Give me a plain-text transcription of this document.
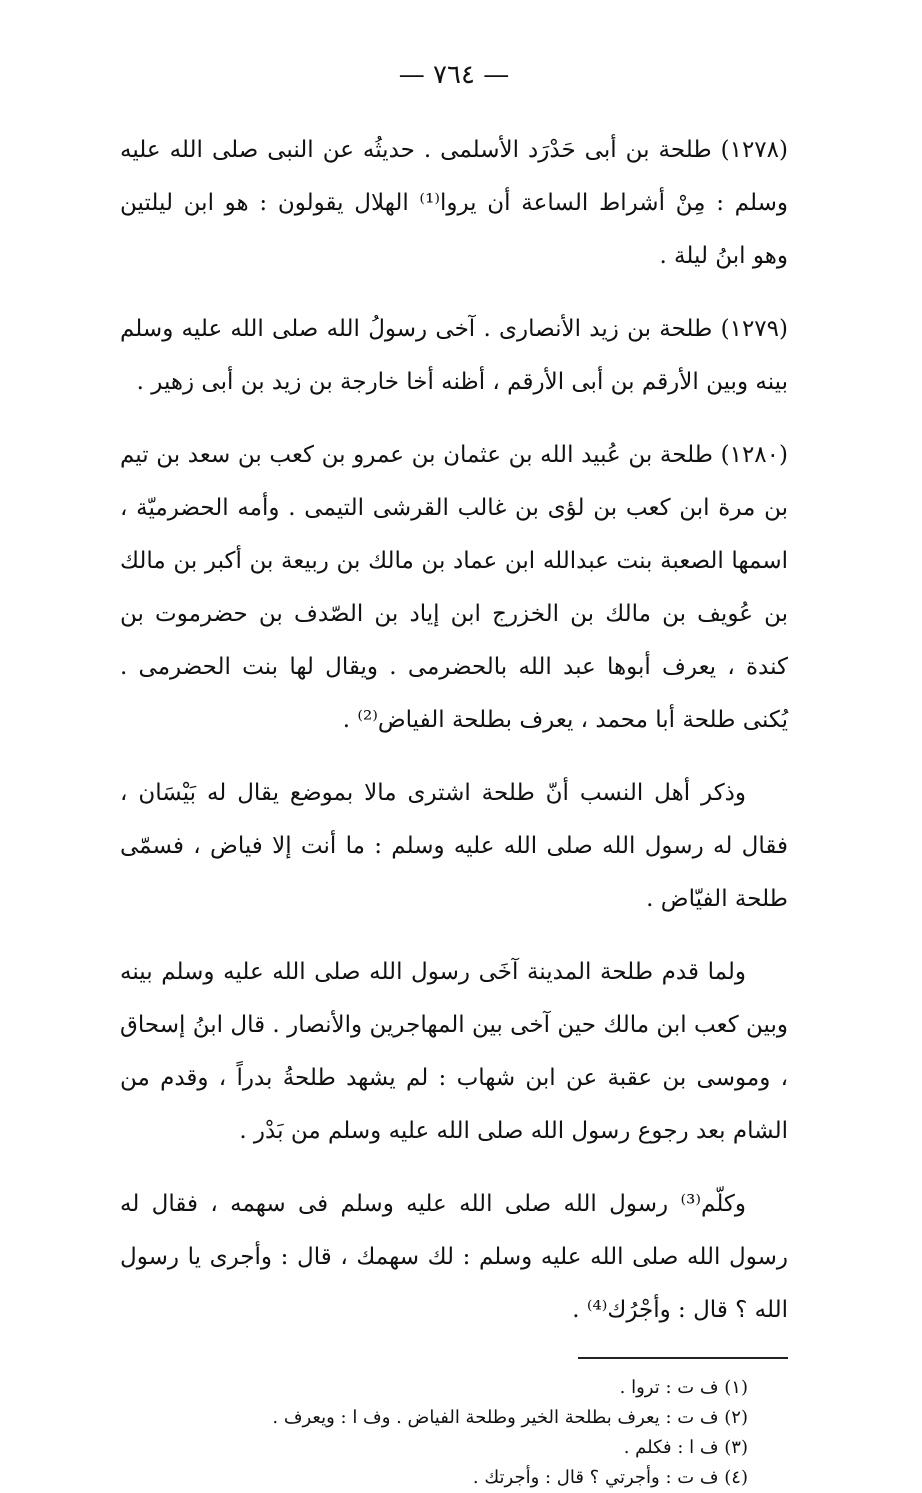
— ٧٦٤ —

(١٢٧٨) طلحة بن أبى حَدْرَد الأسلمى . حديثُه عن النبى صلى الله عليه وسلم : مِنْ أشراط الساعة أن يروا⁽¹⁾ الهلال يقولون : هو ابن ليلتين وهو ابنُ ليلة .

(١٢٧٩) طلحة بن زيد الأنصارى . آخى رسولُ الله صلى الله عليه وسلم بينه وبين الأرقم بن أبى الأرقم ، أظنه أخا خارجة بن زيد بن أبى زهير .

(١٢٨٠) طلحة بن عُبيد الله بن عثمان بن عمرو بن كعب بن سعد بن تيم بن مرة ابن كعب بن لؤى بن غالب القرشى التيمى . وأمه الحضرميّة ، اسمها الصعبة بنت عبدالله ابن عماد بن مالك بن ربيعة بن أكبر بن مالك بن عُويف بن مالك بن الخزرج ابن إياد بن الصّدف بن حضرموت بن كندة ، يعرف أبوها عبد الله بالحضرمى . ويقال لها بنت الحضرمى . يُكنى طلحة أبا محمد ، يعرف بطلحة الفياض⁽²⁾ .

وذكر أهل النسب أنّ طلحة اشترى مالا بموضع يقال له بَيْسَان ، فقال له رسول الله صلى الله عليه وسلم : ما أنت إلا فياض ، فسمّى طلحة الفيّاض .

ولما قدم طلحة المدينة آخَى رسول الله صلى الله عليه وسلم بينه وبين كعب ابن مالك حين آخى بين المهاجرين والأنصار . قال ابنُ إسحاق ، وموسى بن عقبة عن ابن شهاب : لم يشهد طلحةُ بدراً ، وقدم من الشام بعد رجوع رسول الله صلى الله عليه وسلم من بَدْر .

وكلّم⁽³⁾ رسول الله صلى الله عليه وسلم فى سهمه ، فقال له رسول الله صلى الله عليه وسلم : لك سهمك ، قال : وأجرى يا رسول الله ؟ قال : وأجْرُك⁽⁴⁾ .

(١) ف ت : تروا .

(٢) ف ت : يعرف بطلحة الخير وطلحة الفياض . وف ا : ويعرف .

(٣) ف ا : فكلم .

(٤) ف ت : وأجرتي ؟ قال : وأجرتك .
